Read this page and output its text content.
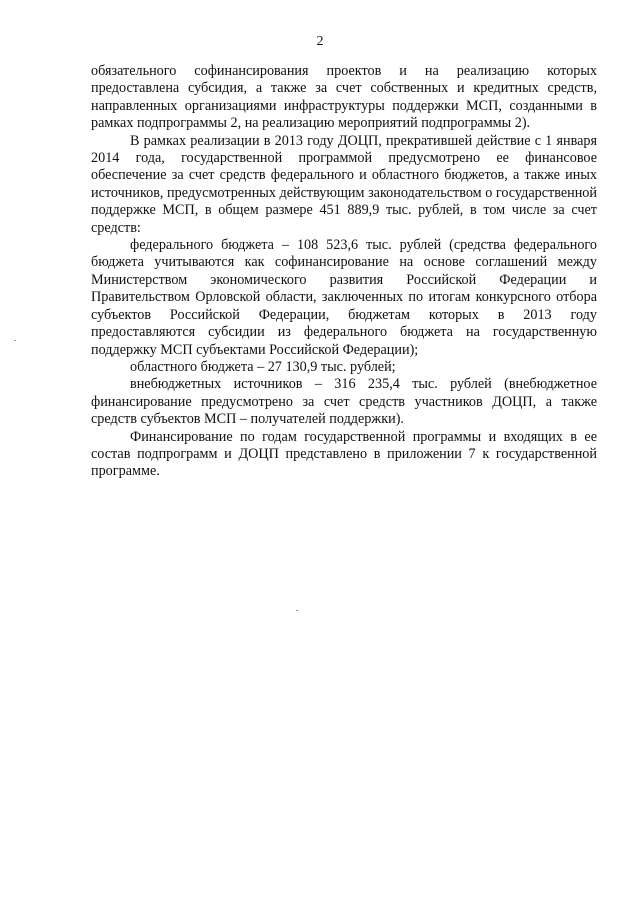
2

обязательного софинансирования проектов и на реализацию которых предоставлена субсидия, а также за счет собственных и кредитных средств, направленных организациями инфраструктуры поддержки МСП, созданными в рамках подпрограммы 2, на реализацию мероприятий подпрограммы 2).

В рамках реализации в 2013 году ДОЦП, прекратившей действие с 1 января 2014 года, государственной программой предусмотрено ее финансовое обеспечение за счет средств федерального и областного бюджетов, а также иных источников, предусмотренных действующим законодательством о государственной поддержке МСП, в общем размере 451 889,9 тыс. рублей, в том числе за счет средств:

федерального бюджета – 108 523,6 тыс. рублей (средства федерального бюджета учитываются как софинансирование на основе соглашений между Министерством экономического развития Российской Федерации и Правительством Орловской области, заключенных по итогам конкурсного отбора субъектов Российской Федерации, бюджетам которых в 2013 году предоставляются субсидии из федерального бюджета на государственную поддержку МСП субъектами Российской Федерации);

областного бюджета – 27 130,9 тыс. рублей;

внебюджетных источников – 316 235,4 тыс. рублей (внебюджетное финансирование предусмотрено за счет средств участников ДОЦП, а также средств субъектов МСП – получателей поддержки).

Финансирование по годам государственной программы и входящих в ее состав подпрограмм и ДОЦП представлено в приложении 7 к государственной программе.
